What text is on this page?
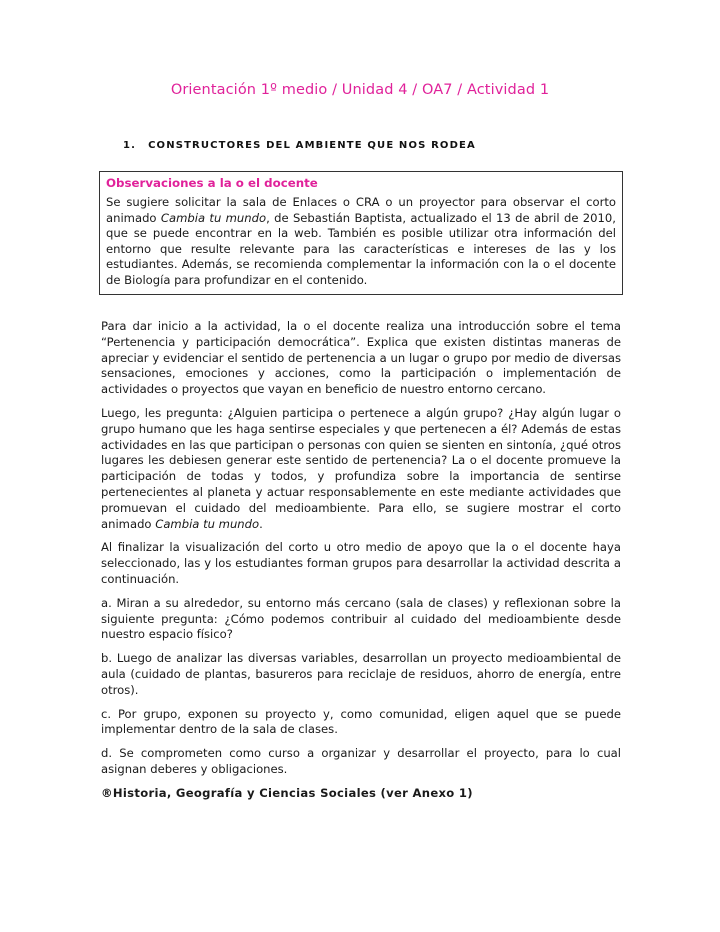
Orientación 1º medio / Unidad 4 / OA7 / Actividad 1
1. CONSTRUCTORES DEL AMBIENTE QUE NOS RODEA
Observaciones a la o el docente

Se sugiere solicitar la sala de Enlaces o CRA o un proyector para observar el corto animado Cambia tu mundo, de Sebastián Baptista, actualizado el 13 de abril de 2010, que se puede encontrar en la web. También es posible utilizar otra información del entorno que resulte relevante para las características e intereses de las y los estudiantes. Además, se recomienda complementar la información con la o el docente de Biología para profundizar en el contenido.

Para dar inicio a la actividad, la o el docente realiza una introducción sobre el tema “Pertenencia y participación democrática”. Explica que existen distintas maneras de apreciar y evidenciar el sentido de pertenencia a un lugar o grupo por medio de diversas sensaciones, emociones y acciones, como la participación o implementación de actividades o proyectos que vayan en beneficio de nuestro entorno cercano.

Luego, les pregunta: ¿Alguien participa o pertenece a algún grupo? ¿Hay algún lugar o grupo humano que les haga sentirse especiales y que pertenecen a él? Además de estas actividades en las que participan o personas con quien se sienten en sintonía, ¿qué otros lugares les debiesen generar este sentido de pertenencia? La o el docente promueve la participación de todas y todos, y profundiza sobre la importancia de sentirse pertenecientes al planeta y actuar responsablemente en este mediante actividades que promuevan el cuidado del medioambiente. Para ello, se sugiere mostrar el corto animado Cambia tu mundo.

Al finalizar la visualización del corto u otro medio de apoyo que la o el docente haya seleccionado, las y los estudiantes forman grupos para desarrollar la actividad descrita a continuación.

a. Miran a su alrededor, su entorno más cercano (sala de clases) y reflexionan sobre la siguiente pregunta: ¿Cómo podemos contribuir al cuidado del medioambiente desde nuestro espacio físico?

b. Luego de analizar las diversas variables, desarrollan un proyecto medioambiental de aula (cuidado de plantas, basureros para reciclaje de residuos, ahorro de energía, entre otros).

c. Por grupo, exponen su proyecto y, como comunidad, eligen aquel que se puede implementar dentro de la sala de clases.

d. Se comprometen como curso a organizar y desarrollar el proyecto, para lo cual asignan deberes y obligaciones.

®Historia, Geografía y Ciencias Sociales (ver Anexo 1)
